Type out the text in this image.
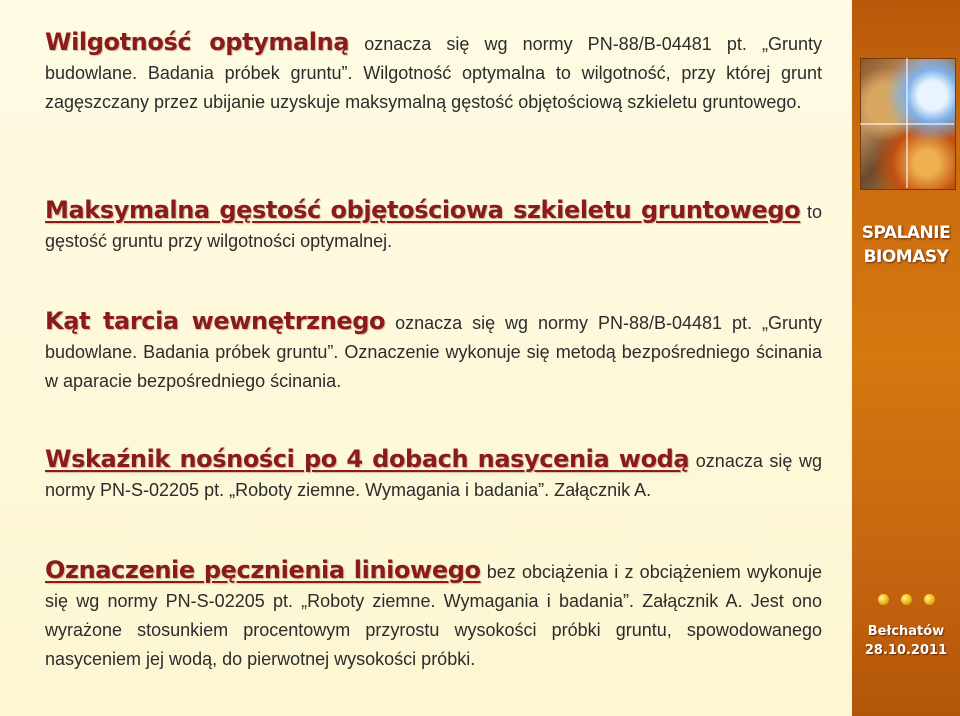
SPALANIE
BIOMASY
Bełchatów
28.10.2011
Wilgotność optymalną oznacza się wg normy PN-88/B-04481 pt. „Grunty budowlane. Badania próbek gruntu”. Wilgotność optymalna to wilgotność, przy której grunt zagęszczany przez ubijanie uzyskuje maksymalną gęstość objętościową szkieletu gruntowego.
Maksymalna gęstość objętościowa szkieletu gruntowego to gęstość gruntu przy wilgotności optymalnej.
Kąt tarcia wewnętrznego oznacza się wg normy PN-88/B-04481 pt. „Grunty budowlane. Badania próbek gruntu”. Oznaczenie wykonuje się metodą bezpośredniego ścinania w aparacie bezpośredniego ścinania.
Wskaźnik nośności po 4 dobach nasycenia wodą oznacza się wg normy PN-S-02205 pt. „Roboty ziemne. Wymagania i badania”. Załącznik A.
Oznaczenie pęcznienia liniowego bez obciążenia i z obciążeniem wykonuje się wg normy PN-S-02205 pt. „Roboty ziemne. Wymagania i badania”. Załącznik A. Jest ono wyrażone stosunkiem procentowym przyrostu wysokości próbki gruntu, spowodowanego nasyceniem jej wodą, do pierwotnej wysokości próbki.
